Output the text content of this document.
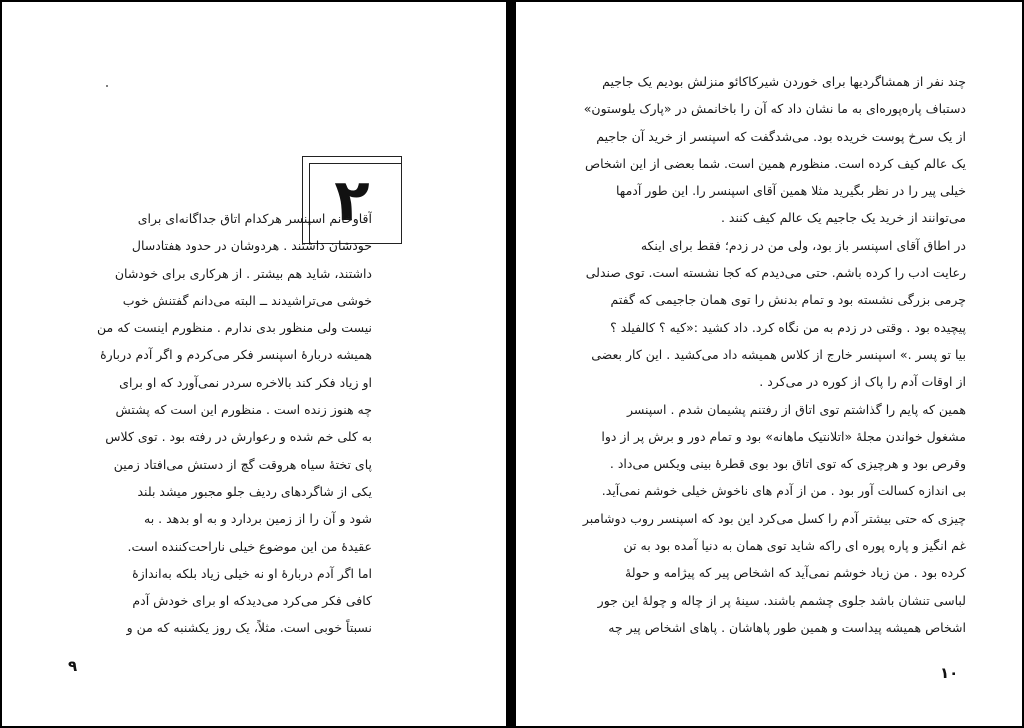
۲
آقاوخانم اسپنسر هرکدام اتاق جداگانه‌ای برای
خودشان داشتند . هردوشان در حدود هفتادسال
داشتند، شاید هم بیشتر . از هرکاری برای خودشان
خوشی می‌تراشیدند ــ البته می‌دانم گفتنش خوب
نیست ولی منظور بدی ندارم . منظورم اینست که من
همیشه دربارهٔ اسپنسر فکر می‌کردم و اگر آدم دربارهٔ
او زیاد فکر کند بالاخره سردر نمی‌آورد که او برای
چه هنوز زنده است . منظورم این است که پشتش
به کلی خم شده و رعوارش در رفته بود . توی کلاس
پای تختهٔ سیاه هروقت گچ از دستش می‌افتاد زمین
یکی از شاگردهای ردیف جلو مجبور میشد بلند
شود و آن را از زمین بردارد و به او بدهد . به
عقیدهٔ من این موضوع خیلی ناراحت‌کننده است.
اما اگر آدم دربارهٔ او نه خیلی زیاد بلکه به‌اندازهٔ
کافی فکر می‌کرد می‌دیدکه او برای خودش آدم
نسبتاً خوبی است. مثلاً، یک روز یکشنبه که من و
۹
چند نفر از همشاگردیها برای خوردن شیرکاکائو منزلش بودیم یک جاجیم
دستباف پاره‌پوره‌ای به ما نشان داد که آن را باخانمش در «پارک یلوستون»
از یک سرخ پوست خریده بود. می‌شدگفت که اسپنسر از خرید آن جاجیم
یک عالم کیف کرده است. منظورم همین است. شما بعضی از این اشخاص
خیلی پیر را در نظر بگیرید مثلا همین آقای اسپنسر را. این طور آدمها
می‌توانند از خرید یک جاجیم یک عالم کیف کنند .
در اطاق آقای اسپنسر باز بود، ولی من در زدم؛ فقط برای اینکه
رعایت ادب را کرده باشم. حتی می‌دیدم که کجا نشسته است. توی صندلی
چرمی بزرگی نشسته بود و تمام بدنش را توی همان جاجیمی که گفتم
پیچیده بود . وقتی در زدم به من نگاه کرد. داد کشید :«کیه ؟ کالفیلد ؟
بیا تو پسر .» اسپنسر خارج از کلاس همیشه داد می‌کشید . این کار بعضی
از اوقات آدم را پاک از کوره در می‌کرد .
همین که پایم را گذاشتم توی اتاق از رفتنم پشیمان شدم . اسپنسر
مشغول خواندن مجلهٔ «اتلانتیک ماهانه» بود و تمام دور و برش پر از دوا
وقرص بود و هرچیزی که توی اتاق بود بوی قطرهٔ بینی ویکس می‌داد .
بی اندازه کسالت آور بود . من از آدم های ناخوش خیلی خوشم نمی‌آید.
چیزی که حتی بیشتر آدم را کسل می‌کرد این بود که اسپنسر روب دوشامبر
غم انگیز و پاره پوره ای راکه شاید توی همان به دنیا آمده بود به تن
کرده بود . من زیاد خوشم نمی‌آید که اشخاص پیر که پیژامه و حولهٔ
لباسی تنشان باشد جلوی چشمم باشند. سینهٔ پر از چاله و چولهٔ این جور
اشخاص همیشه پیداست و همین طور پاهاشان . پاهای اشخاص پیر چه
۱۰
